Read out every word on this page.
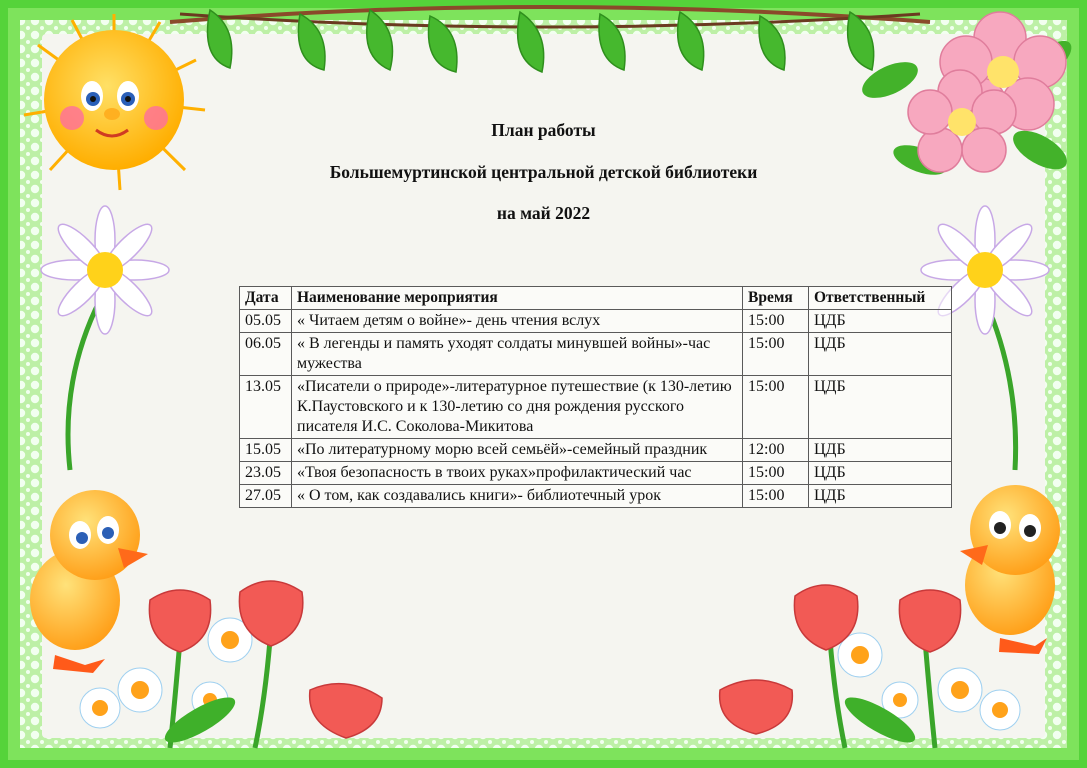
План работы
Большемуртинской центральной детской библиотеки
на май 2022
Дата	Наименование мероприятия	Время	Ответственный
05.05	« Читаем детям о войне»- день чтения вслух	15:00	ЦДБ
06.05	« В легенды и память уходят солдаты минувшей войны»-час мужества	15:00	ЦДБ
13.05	«Писатели о природе»-литературное путешествие (к 130-летию К.Паустовского и к 130-летию со дня рождения русского писателя И.С. Соколова-Микитова	15:00	ЦДБ
15.05	«По литературному морю всей семьёй»-семейный праздник	12:00	ЦДБ
23.05	«Твоя безопасность в твоих руках»профилактический час	15:00	ЦДБ
27.05	« О том, как создавались книги»- библиотечный урок	15:00	ЦДБ
